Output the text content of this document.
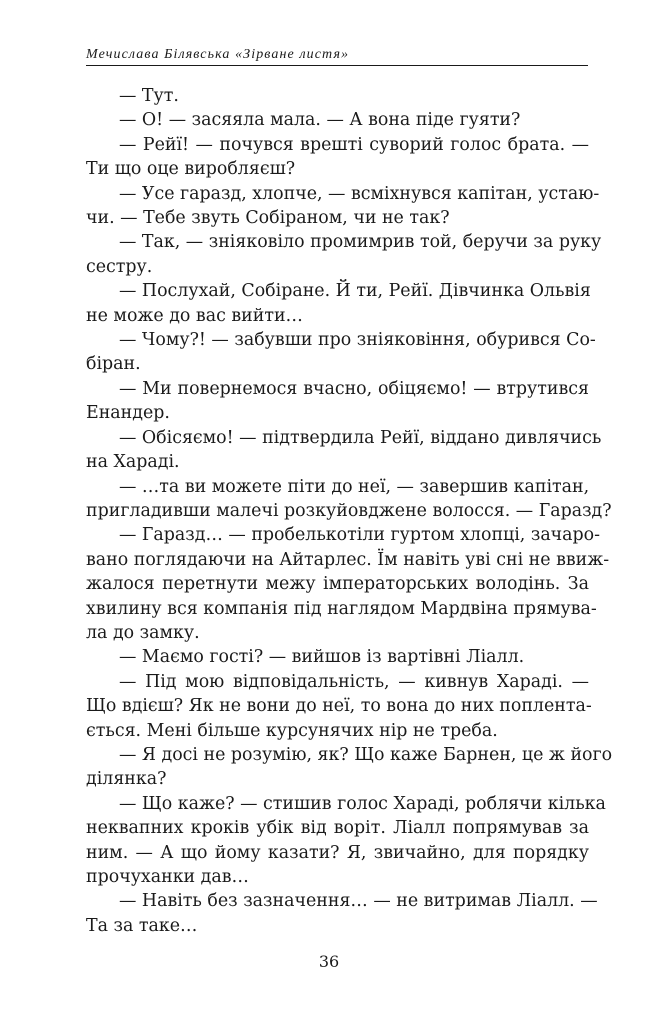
Мечислава Білявська «Зірване листя»
— Тут.
— О! — засяяла мала. — А вона піде гуяти?
— Рейї! — почувся врешті суворий голос брата. —
Ти що оце виробляєш?
— Усе гаразд, хлопче, — всміхнувся капітан, устаю-
чи. — Тебе звуть Собіраном, чи не так?
— Так, — зніяковіло промимрив той, беручи за руку
сестру.
— Послухай, Собіране. Й ти, Рейї. Дівчинка Ольвія
не може до вас вийти…
— Чому?! — забувши про зніяковіння, обурився Со-
біран.
— Ми повернемося вчасно, обіцяємо! — втрутився
Енандер.
— Обісяємо! — підтвердила Рейї, віддано дивлячись
на Хараді.
— …та ви можете піти до неї, — завершив капітан,
пригладивши малечі розкуйовджене волосся. — Гаразд?
— Гаразд… — пробелькотіли гуртом хлопці, зачаро-
вано поглядаючи на Айтарлес. Їм навіть уві сні не ввиж-
жалося перетнути межу імператорських володінь. За
хвилину вся компанія під наглядом Мардвіна прямува-
ла до замку.
— Маємо гості? — вийшов із вартівні Ліалл.
— Під мою відповідальність, — кивнув Хараді. —
Що вдієш? Як не вони до неї, то вона до них поплента-
ється. Мені більше курсунячих нір не треба.
— Я досі не розумію, як? Що каже Барнен, це ж його
ділянка?
— Що каже? — стишив голос Хараді, роблячи кілька
неквапних кроків убік від воріт. Ліалл попрямував за
ним. — А що йому казати? Я, звичайно, для порядку
прочуханки дав…
— Навіть без зазначення… — не витримав Ліалл. —
Та за таке…
36
